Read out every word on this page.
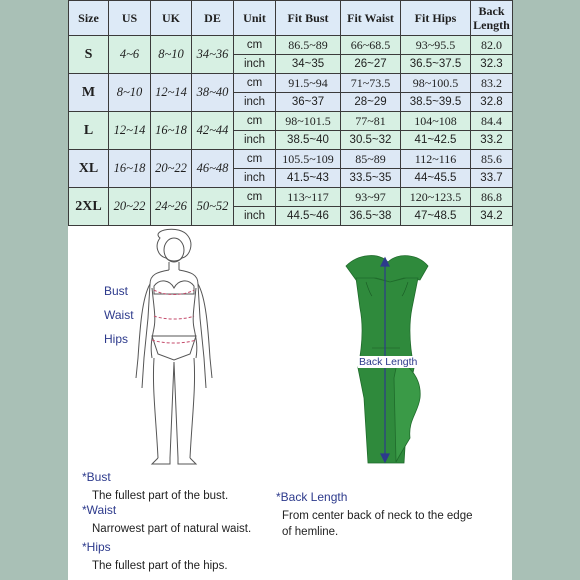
Size	US	UK	DE	Unit	Fit Bust	Fit Waist	Fit Hips	Back Length
S	4~6	8~10	34~36	cm	86.5~89	66~68.5	93~95.5	82.0
				inch	34~35	26~27	36.5~37.5	32.3
M	8~10	12~14	38~40	cm	91.5~94	71~73.5	98~100.5	83.2
				inch	36~37	28~29	38.5~39.5	32.8
L	12~14	16~18	42~44	cm	98~101.5	77~81	104~108	84.4
				inch	38.5~40	30.5~32	41~42.5	33.2
XL	16~18	20~22	46~48	cm	105.5~109	85~89	112~116	85.6
				inch	41.5~43	33.5~35	44~45.5	33.7
2XL	20~22	24~26	50~52	cm	113~117	93~97	120~123.5	86.8
				inch	44.5~46	36.5~38	47~48.5	34.2
Bust
Waist
Hips
Back Length
*Bust
The fullest part of the bust.
*Waist
Narrowest part of natural waist.
*Hips
The fullest part of the hips.
*Back Length
From center back of neck to the edge
of hemline.
